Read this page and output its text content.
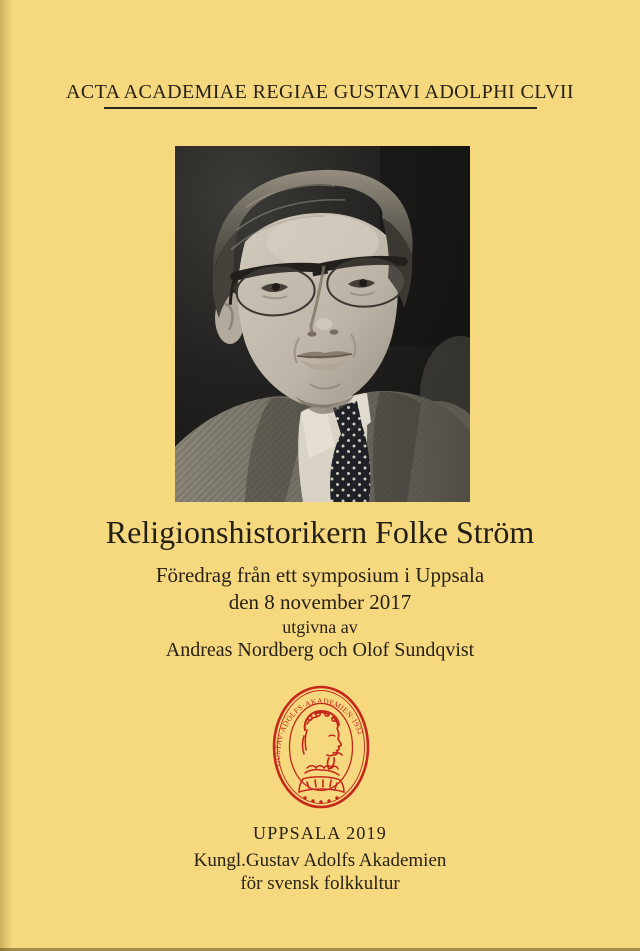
ACTA ACADEMIAE REGIAE GUSTAVI ADOLPHI CLVII
Religionshistorikern Folke Ström
Föredrag från ett symposium i Uppsala
den 8 november 2017
utgivna av
Andreas Nordberg och Olof Sundqvist
GUSTAV·ADOLFS·AKADEMIEN·1932
UPPSALA 2019
Kungl.Gustav Adolfs Akademien
för svensk folkkultur
